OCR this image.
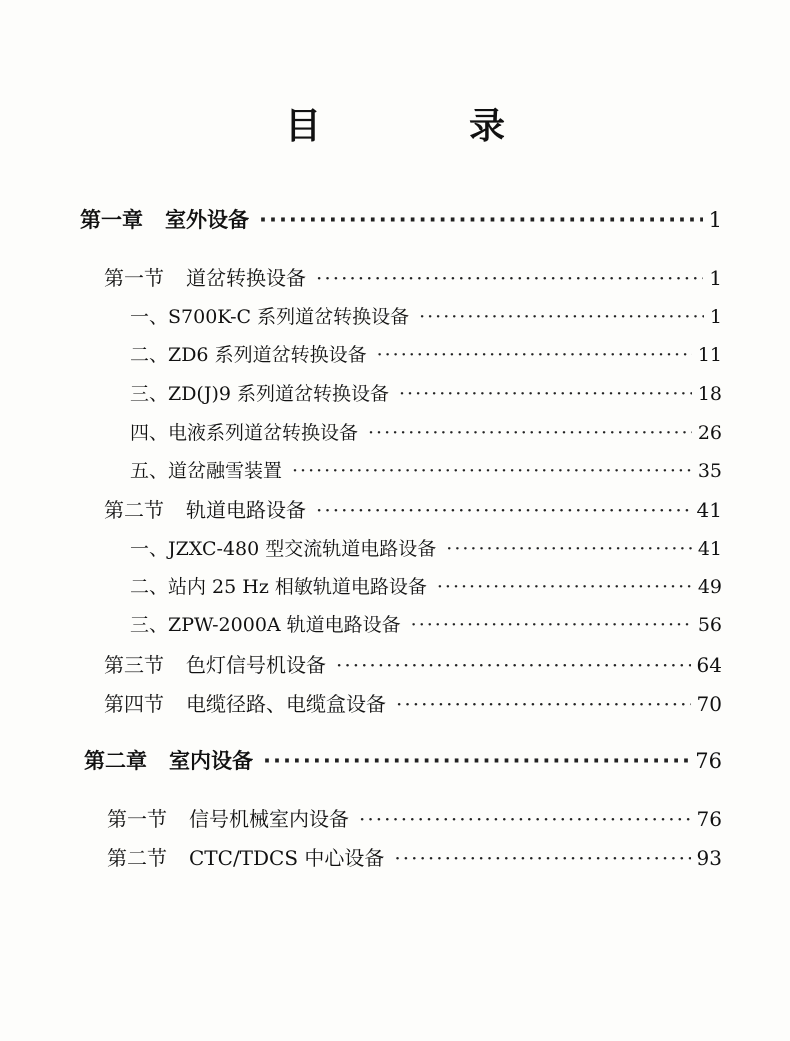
目　录
第一章 室外设备 ·····	1
第一节 道岔转换设备 ·····	1
一、S700K-C 系列道岔转换设备 ·····	1
二、ZD6 系列道岔转换设备 ·····	11
三、ZD(J)9 系列道岔转换设备 ·····	18
四、电液系列道岔转换设备 ·····	26
五、道岔融雪装置 ·····	35
第二节 轨道电路设备 ·····	41
一、JZXC-480 型交流轨道电路设备 ·····	41
二、站内 25 Hz 相敏轨道电路设备 ·····	49
三、ZPW-2000A 轨道电路设备 ·····	56
第三节 色灯信号机设备 ·····	64
第四节 电缆径路、电缆盒设备 ·····	70
第二章 室内设备 ·····	76
第一节 信号机械室内设备 ·····	76
第二节 CTC/TDCS 中心设备 ·····	93
